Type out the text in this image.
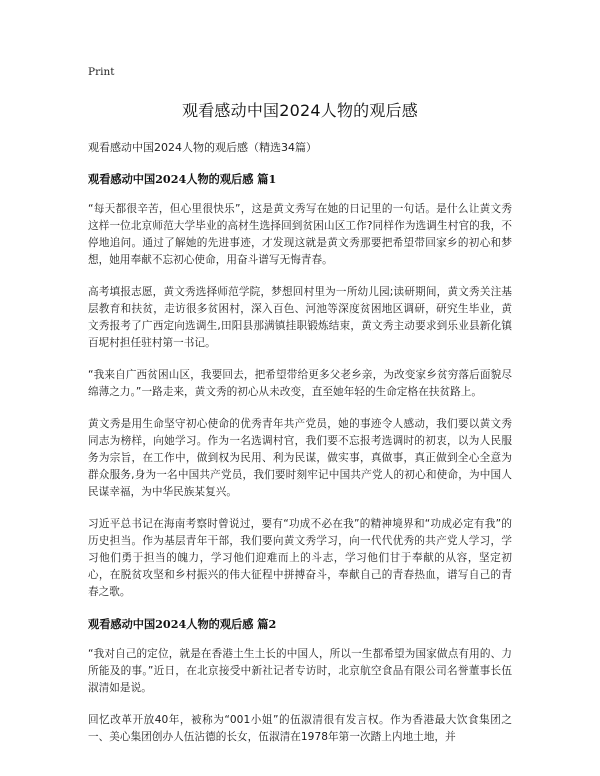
Print
观看感动中国2024人物的观后感
观看感动中国2024人物的观后感（精选34篇）
观看感动中国2024人物的观后感 篇1

“每天都很辛苦，但心里很快乐”，这是黄文秀写在她的日记里的一句话。是什么让黄文秀这样一位北京师范大学毕业的高材生选择回到贫困山区工作?同样作为选调生村官的我，不停地追问。通过了解她的先进事迹，才发现这就是黄文秀那要把希望带回家乡的初心和梦想，她用奉献不忘初心使命，用奋斗谱写无悔青春。

高考填报志愿，黄文秀选择师范学院，梦想回村里为一所幼儿园;读研期间，黄文秀关注基层教育和扶贫，走访很多贫困村，深入百色、河池等深度贫困地区调研，研究生毕业，黄文秀报考了广西定向选调生,田阳县那满镇挂职锻炼结束，黄文秀主动要求到乐业县新化镇百坭村担任驻村第一书记。

“我来自广西贫困山区，我要回去，把希望带给更多父老乡亲，为改变家乡贫穷落后面貌尽绵薄之力。”一路走来，黄文秀的初心从未改变，直至她年轻的生命定格在扶贫路上。

黄文秀是用生命坚守初心使命的优秀青年共产党员，她的事迹令人感动，我们要以黄文秀同志为榜样，向她学习。作为一名选调村官，我们要不忘报考选调时的初衷，以为人民服务为宗旨，在工作中，做到权为民用、利为民谋，做实事，真做事，真正做到全心全意为群众服务,身为一名中国共产党员，我们要时刻牢记中国共产党人的初心和使命，为中国人民谋幸福，为中华民族某复兴。

习近平总书记在海南考察时曾说过，要有“功成不必在我”的精神境界和“功成必定有我”的历史担当。作为基层青年干部，我们要向黄文秀学习，向一代代优秀的共产党人学习，学习他们勇于担当的魄力，学习他们迎难而上的斗志，学习他们甘于奉献的从容，坚定初心，在脱贫攻坚和乡村振兴的伟大征程中拼搏奋斗，奉献自己的青春热血，谱写自己的青春之歌。

观看感动中国2024人物的观后感 篇2

“我对自己的定位，就是在香港土生土长的中国人，所以一生都希望为国家做点有用的、力所能及的事。”近日，在北京接受中新社记者专访时，北京航空食品有限公司名誉董事长伍淑清如是说。

回忆改革开放40年，被称为“001小姐”的伍淑清很有发言权。作为香港最大饮食集团之一、美心集团创办人伍沾德的长女，伍淑清在1978年第一次踏上内地土地，并
